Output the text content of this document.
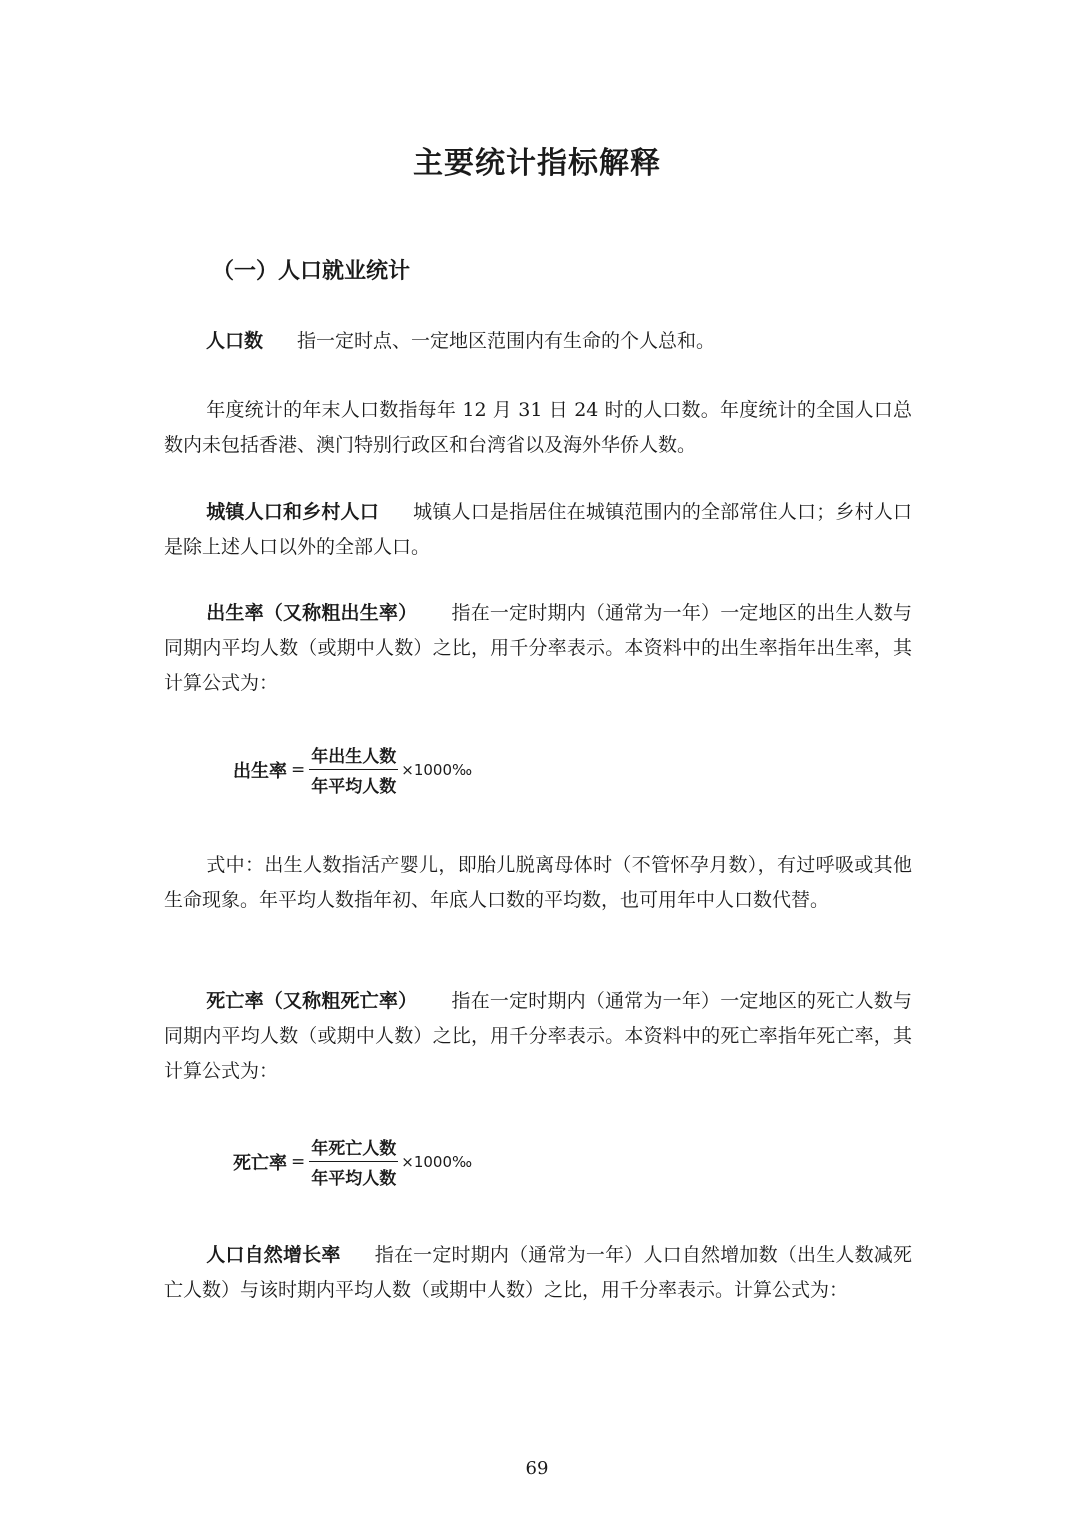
主要统计指标解释
（一）人口就业统计
人口数 指一定时点、一定地区范围内有生命的个人总和。
年度统计的年末人口数指每年 12 月 31 日 24 时的人口数。年度统计的全国人口总数内未包括香港、澳门特别行政区和台湾省以及海外华侨人数。
城镇人口和乡村人口 城镇人口是指居住在城镇范围内的全部常住人口；乡村人口是除上述人口以外的全部人口。
出生率（又称粗出生率） 指在一定时期内（通常为一年）一定地区的出生人数与同期内平均人数（或期中人数）之比，用千分率表示。本资料中的出生率指年出生率，其计算公式为：
出生率 = $\frac{\text{年出生人数}}{\text{年平均人数}}$ ×1000‰
式中：出生人数指活产婴儿，即胎儿脱离母体时（不管怀孕月数），有过呼吸或其他生命现象。年平均人数指年初、年底人口数的平均数，也可用年中人口数代替。
死亡率（又称粗死亡率） 指在一定时期内（通常为一年）一定地区的死亡人数与同期内平均人数（或期中人数）之比，用千分率表示。本资料中的死亡率指年死亡率，其计算公式为：
死亡率 = $\frac{\text{年死亡人数}}{\text{年平均人数}}$ ×1000‰
人口自然增长率 指在一定时期内（通常为一年）人口自然增加数（出生人数减死亡人数）与该时期内平均人数（或期中人数）之比，用千分率表示。计算公式为：
69
